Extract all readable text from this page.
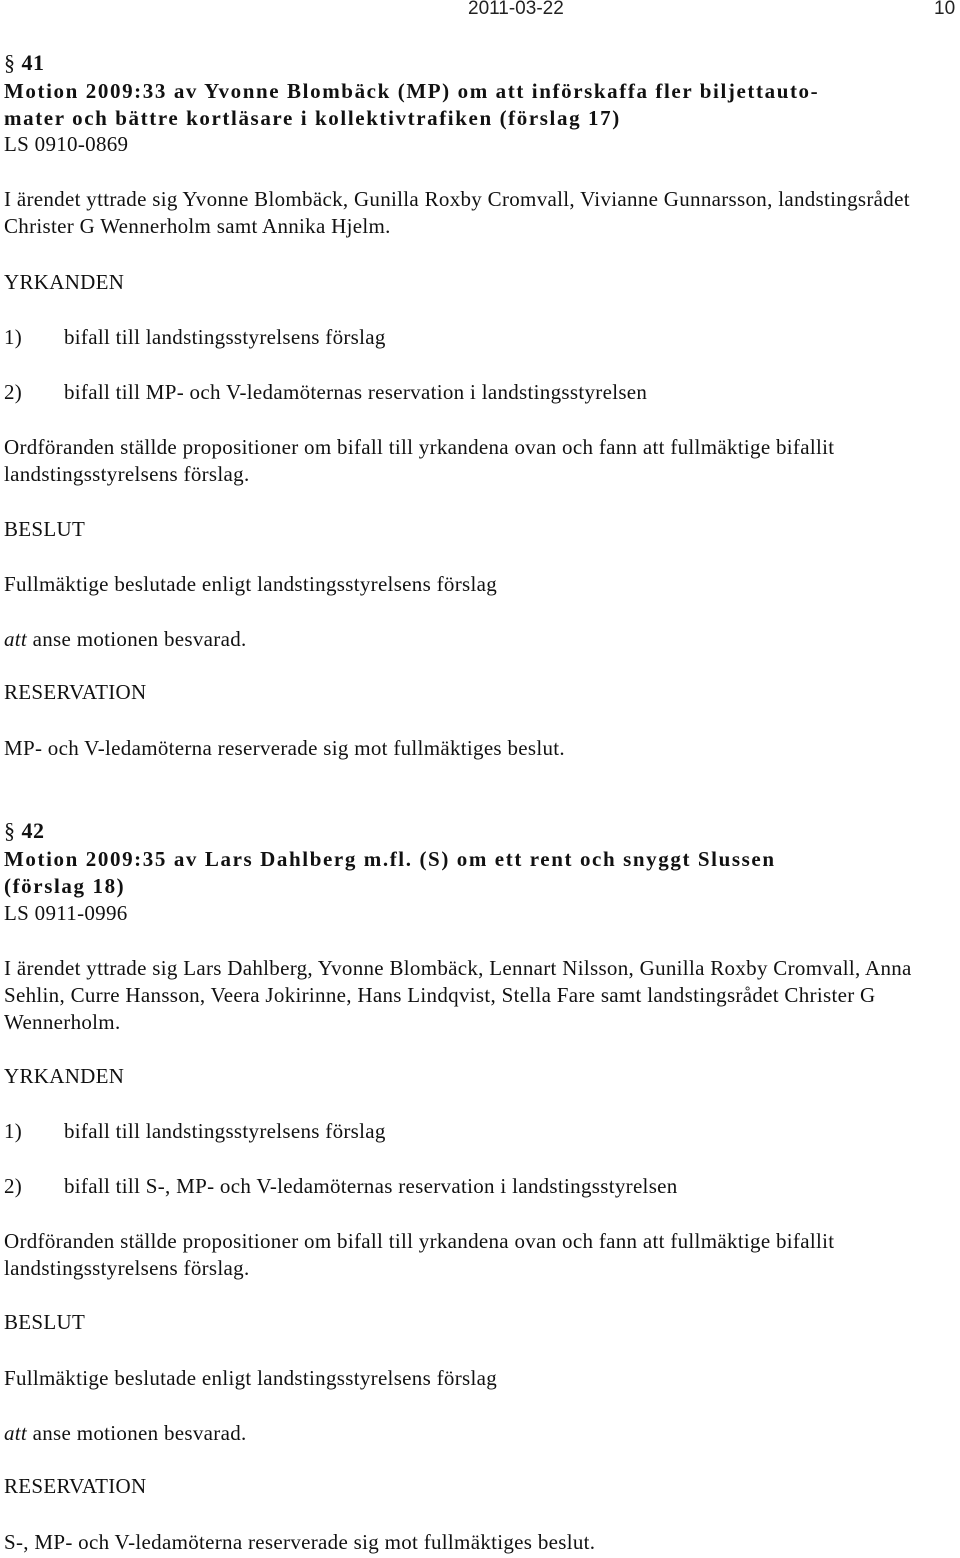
2011-03-22	10
§ 41
Motion 2009:33 av Yvonne Blombäck (MP) om att införskaffa fler biljettauto-
mater och bättre kortläsare i kollektivtrafiken (förslag 17)
LS 0910-0869
I ärendet yttrade sig Yvonne Blombäck, Gunilla Roxby Cromvall, Vivianne Gunnarsson, landstingsrådet Christer G Wennerholm samt Annika Hjelm.
YRKANDEN
1) bifall till landstingsstyrelsens förslag
2) bifall till MP- och V-ledamöternas reservation i landstingsstyrelsen
Ordföranden ställde propositioner om bifall till yrkandena ovan och fann att fullmäktige bifallit landstingsstyrelsens förslag.
BESLUT
Fullmäktige beslutade enligt landstingsstyrelsens förslag
att anse motionen besvarad.
RESERVATION
MP- och V-ledamöterna reserverade sig mot fullmäktiges beslut.
§ 42
Motion 2009:35 av Lars Dahlberg m.fl. (S) om ett rent och snyggt Slussen
(förslag 18)
LS 0911-0996
I ärendet yttrade sig Lars Dahlberg, Yvonne Blombäck, Lennart Nilsson, Gunilla Roxby Cromvall, Anna Sehlin, Curre Hansson, Veera Jokirinne, Hans Lindqvist, Stella Fare samt landstingsrådet Christer G Wennerholm.
YRKANDEN
1) bifall till landstingsstyrelsens förslag
2) bifall till S-, MP- och V-ledamöternas reservation i landstingsstyrelsen
Ordföranden ställde propositioner om bifall till yrkandena ovan och fann att fullmäktige bifallit landstingsstyrelsens förslag.
BESLUT
Fullmäktige beslutade enligt landstingsstyrelsens förslag
att anse motionen besvarad.
RESERVATION
S-, MP- och V-ledamöterna reserverade sig mot fullmäktiges beslut.
